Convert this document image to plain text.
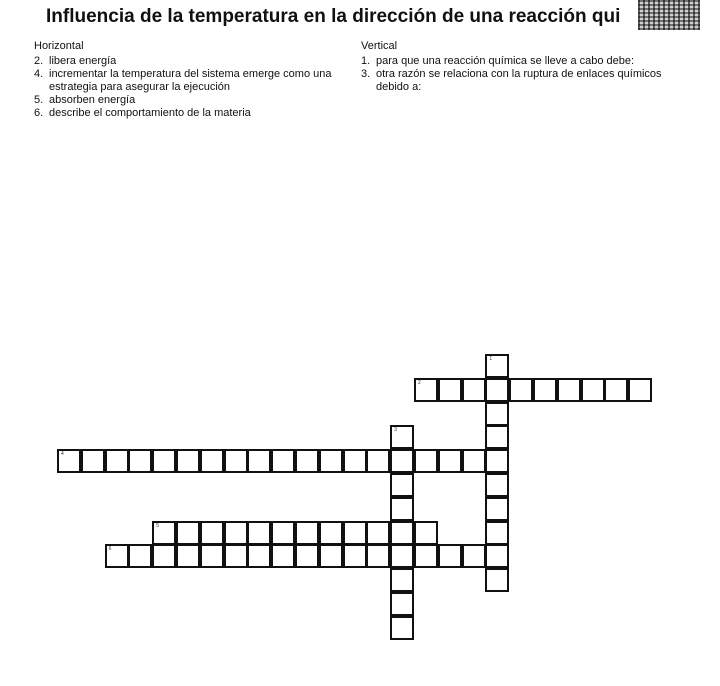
Influencia de la temperatura en la dirección de una reacción qui
Horizontal
2. libera energía
4. incrementar la temperatura del sistema emerge como una estrategia para asegurar la ejecución
5. absorben energía
6. describe el comportamiento de la materia
Vertical
1. para que una reacción química se lleve a cabo debe:
3. otra razón se relaciona con la ruptura de enlaces químicos debido a:
1
2
3
4
5
6
